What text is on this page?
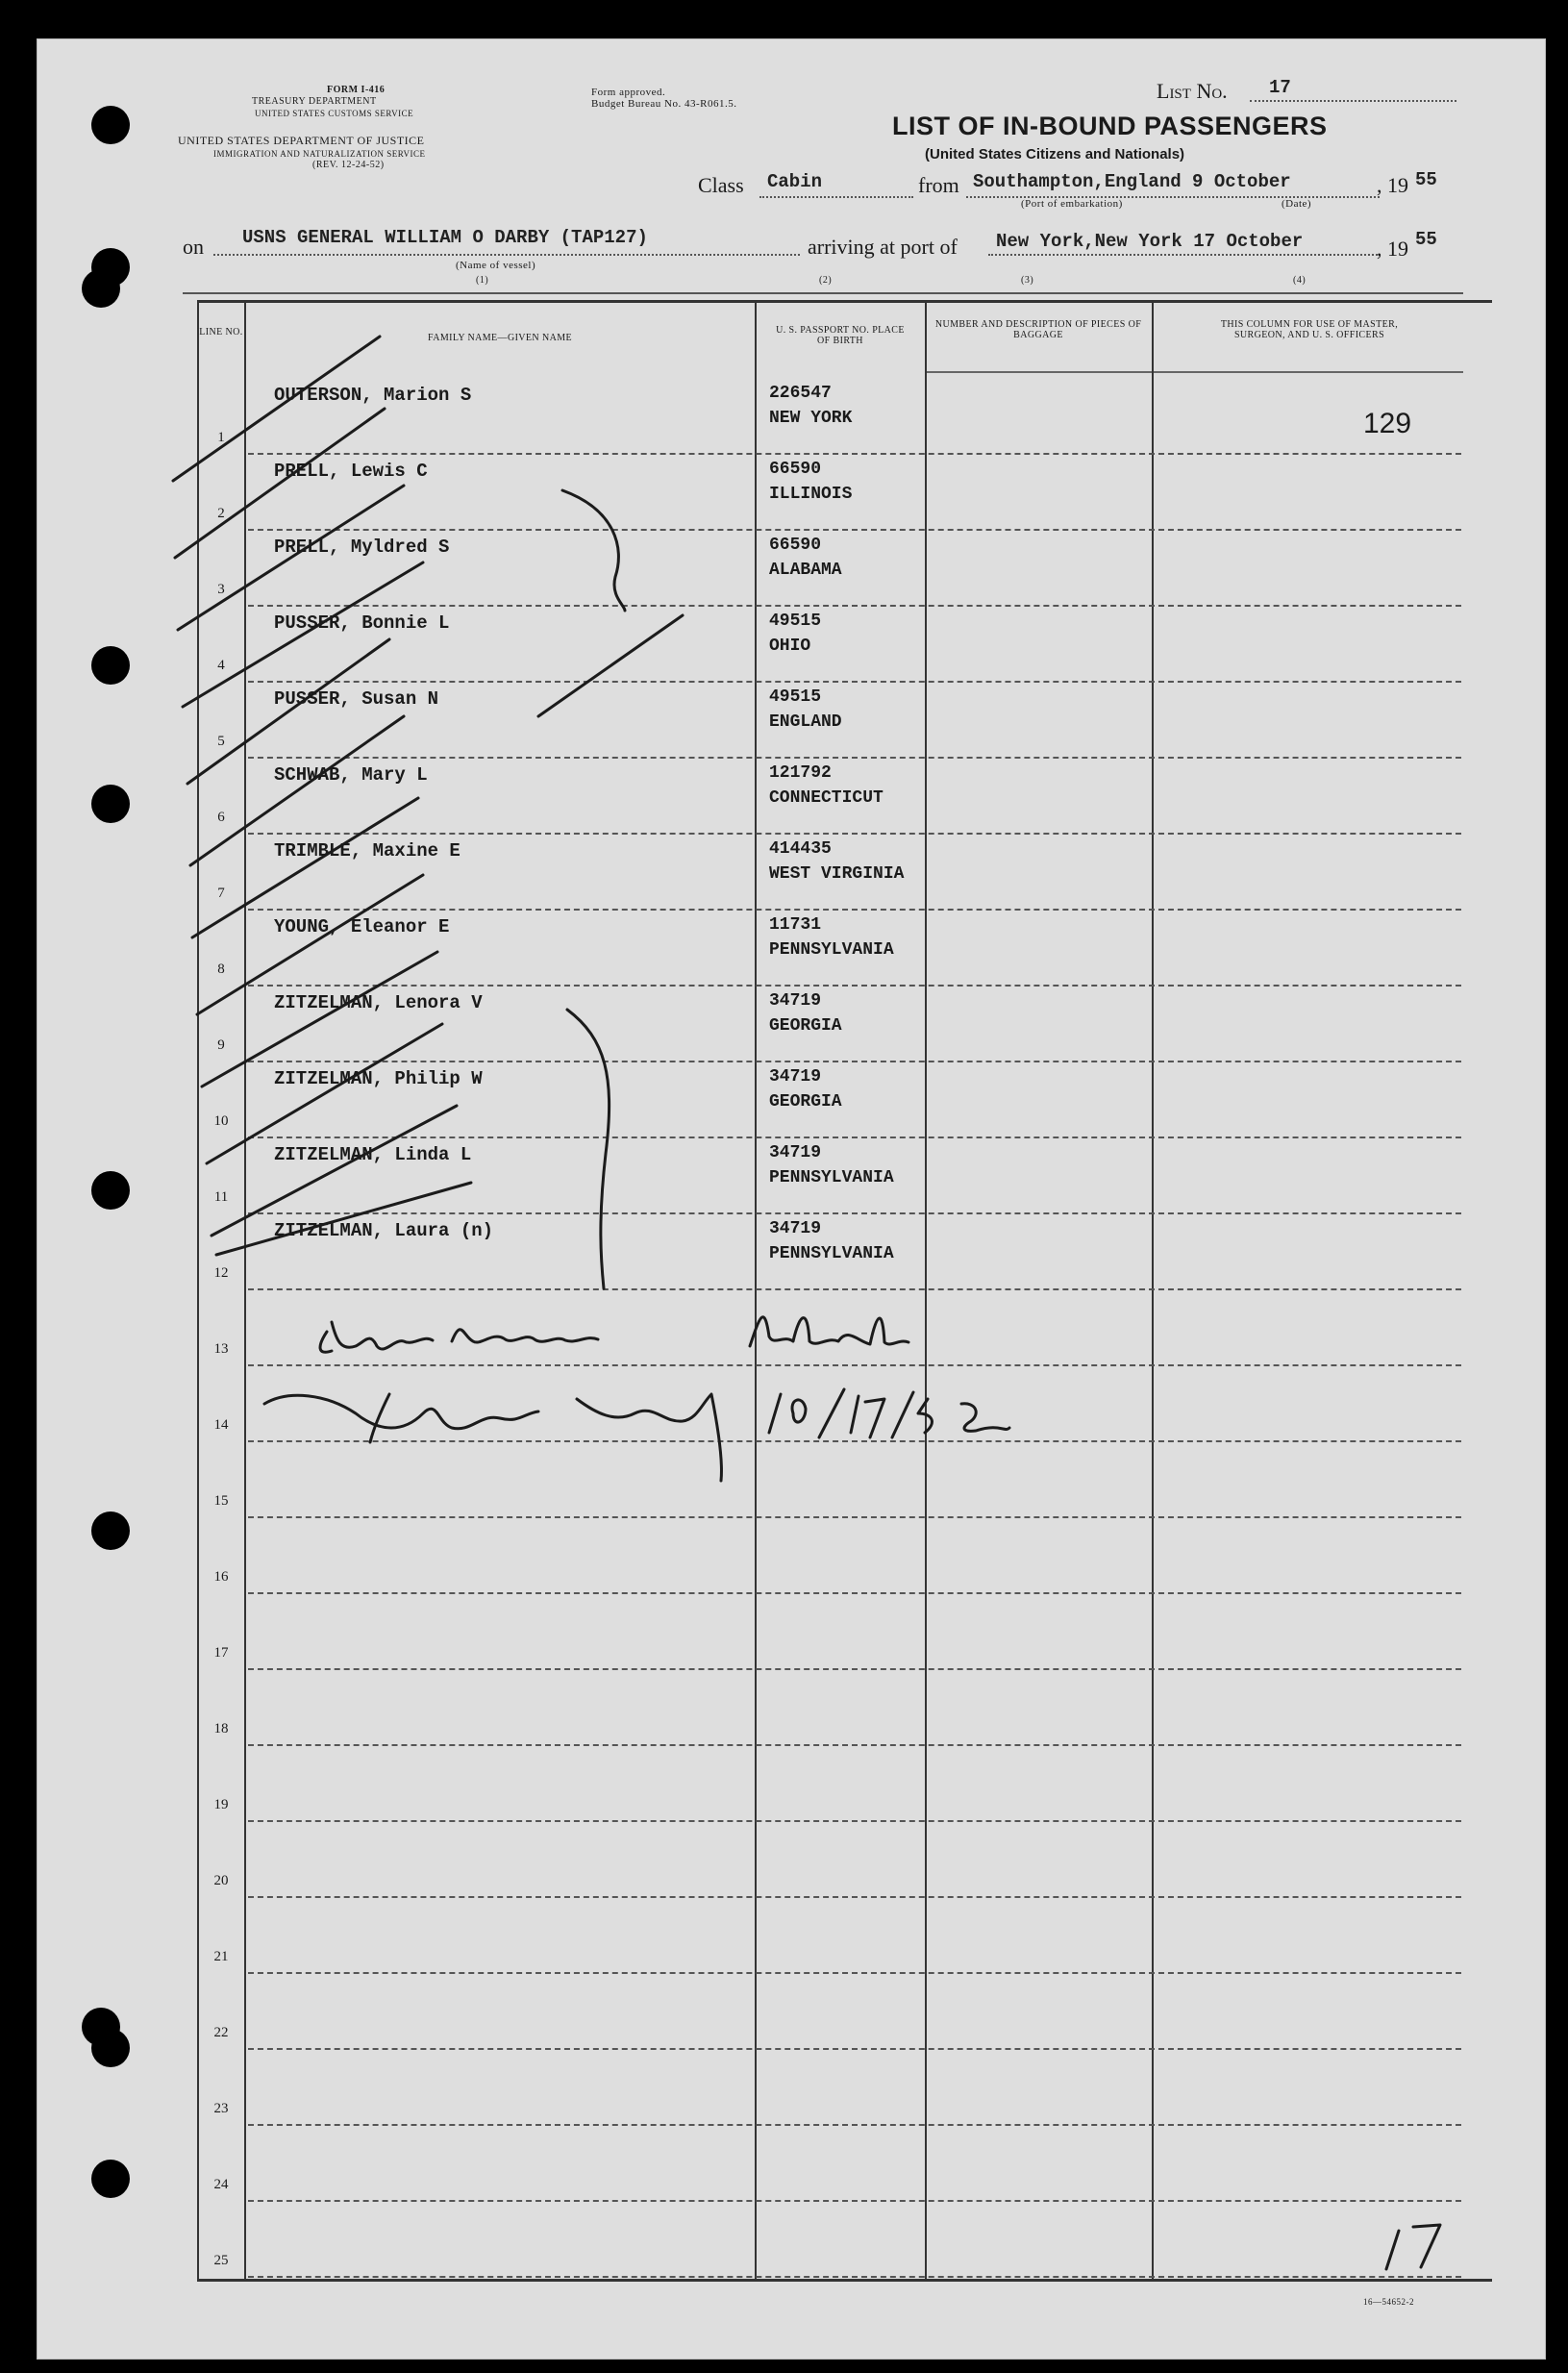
FORM I-416
TREASURY DEPARTMENT
UNITED STATES CUSTOMS SERVICE
UNITED STATES DEPARTMENT OF JUSTICE
IMMIGRATION AND NATURALIZATION SERVICE
(REV. 12-24-52)
Form approved.
Budget Bureau No. 43-R061.5.
List No. 17
LIST OF IN-BOUND PASSENGERS
(United States Citizens and Nationals)
Class Cabin	from Southampton,England 9 October	, 19 55
(Port of embarkation)	(Date)
on USNS GENERAL WILLIAM O DARBY (TAP127)
(Name of vessel)
arriving at port of New York,New York 17 October	, 19 55
(1)	(2)	(3)	(4)
LINE NO.
FAMILY NAME—GIVEN NAME
U. S. PASSPORT NO. PLACE OF BIRTH
NUMBER AND DESCRIPTION OF PIECES OF BAGGAGE
THIS COLUMN FOR USE OF MASTER, SURGEON, AND U. S. OFFICERS
1
OUTERSON, Marion S	226547
NEW YORK
2
PRELL, Lewis C	66590
ILLINOIS
3
PRELL, Myldred S	66590
ALABAMA
4
PUSSER, Bonnie L	49515
OHIO
5
PUSSER, Susan N	49515
ENGLAND
6
SCHWAB, Mary L	121792
CONNECTICUT
7
TRIMBLE, Maxine E	414435
WEST VIRGINIA
8
YOUNG, Eleanor E	11731
PENNSYLVANIA
9
ZITZELMAN, Lenora V	34719
GEORGIA
10
ZITZELMAN, Philip W	34719
GEORGIA
11
ZITZELMAN, Linda L	34719
PENNSYLVANIA
12
ZITZELMAN, Laura (n)	34719
PENNSYLVANIA
13
14
15
16
17
18
19
20
21
22
23
24
25
129
16—54652-2
